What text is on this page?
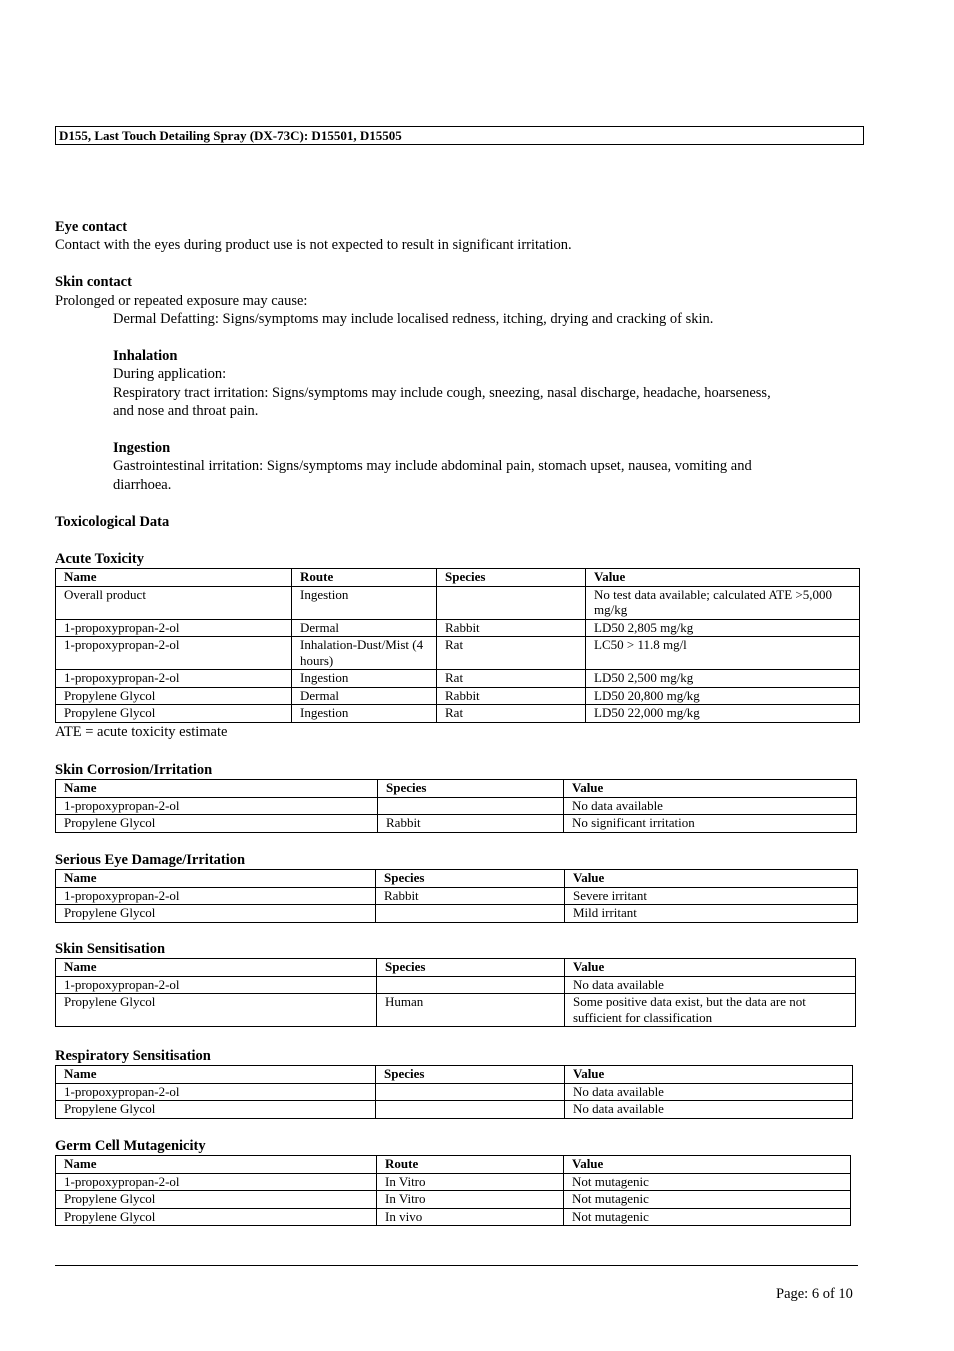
D155, Last Touch Detailing Spray (DX-73C): D15501, D15505
Eye contact
Contact with the eyes during product use is not expected to result in significant irritation.
Skin contact
Prolonged or repeated exposure may cause:
Dermal Defatting: Signs/symptoms may include localised redness, itching, drying and cracking of skin.
Inhalation
During application:
Respiratory tract irritation: Signs/symptoms may include cough, sneezing, nasal discharge, headache, hoarseness,
and nose and throat pain.
Ingestion
Gastrointestinal irritation: Signs/symptoms may include abdominal pain, stomach upset, nausea, vomiting and
diarrhoea.
Toxicological Data
Acute Toxicity
Name	Route	Species	Value
Overall product	Ingestion		No test data available; calculated ATE >5,000 mg/kg
1-propoxypropan-2-ol	Dermal	Rabbit	LD50 2,805 mg/kg
1-propoxypropan-2-ol	Inhalation-Dust/Mist (4 hours)	Rat	LC50 > 11.8 mg/l
1-propoxypropan-2-ol	Ingestion	Rat	LD50 2,500 mg/kg
Propylene Glycol	Dermal	Rabbit	LD50 20,800 mg/kg
Propylene Glycol	Ingestion	Rat	LD50 22,000 mg/kg
ATE = acute toxicity estimate
Skin Corrosion/Irritation
Name	Species	Value
1-propoxypropan-2-ol		No data available
Propylene Glycol	Rabbit	No significant irritation
Serious Eye Damage/Irritation
Name	Species	Value
1-propoxypropan-2-ol	Rabbit	Severe irritant
Propylene Glycol		Mild irritant
Skin Sensitisation
Name	Species	Value
1-propoxypropan-2-ol		No data available
Propylene Glycol	Human	Some positive data exist, but the data are not sufficient for classification
Respiratory Sensitisation
Name	Species	Value
1-propoxypropan-2-ol		No data available
Propylene Glycol		No data available
Germ Cell Mutagenicity
Name	Route	Value
1-propoxypropan-2-ol	In Vitro	Not mutagenic
Propylene Glycol	In Vitro	Not mutagenic
Propylene Glycol	In vivo	Not mutagenic
Page: 6 of 10
